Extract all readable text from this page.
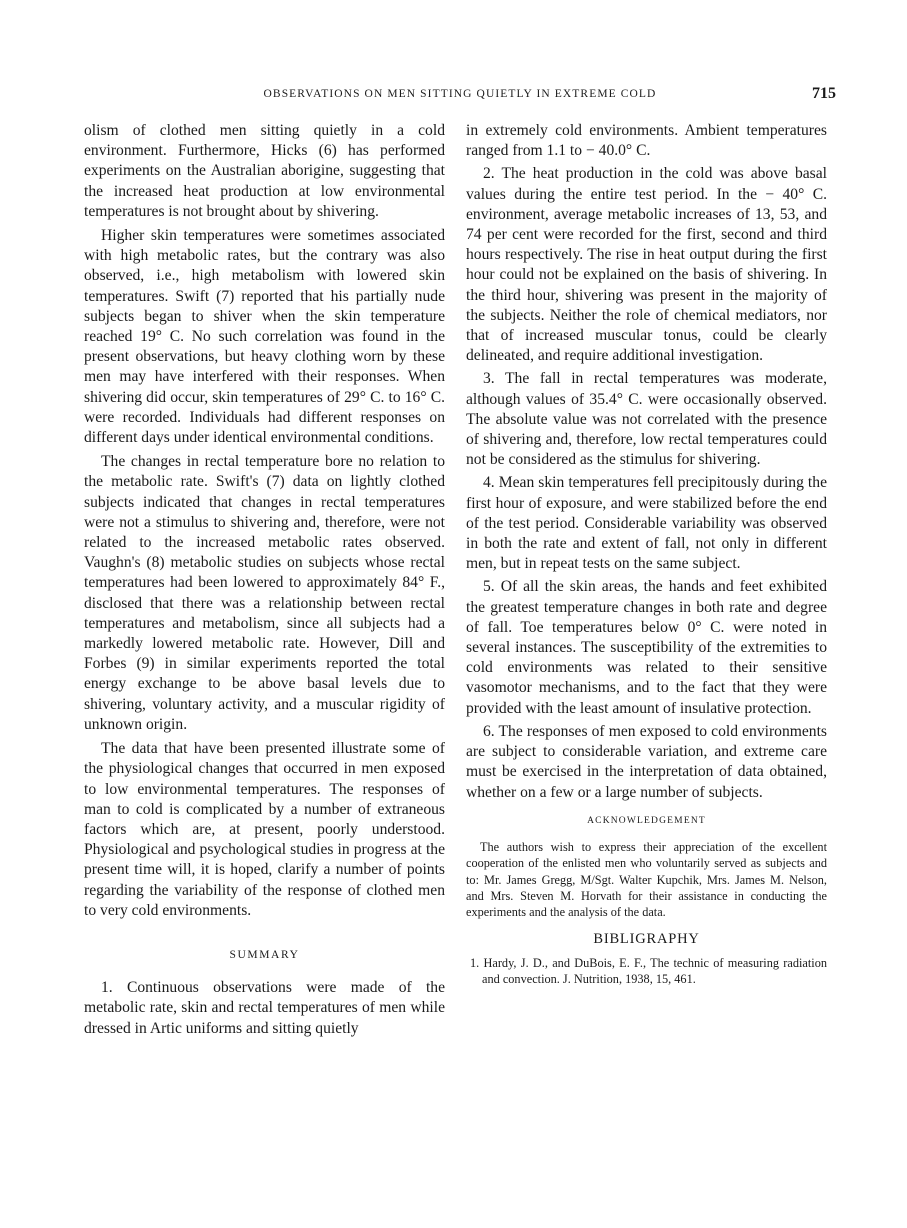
OBSERVATIONS ON MEN SITTING QUIETLY IN EXTREME COLD	715

olism of clothed men sitting quietly in a cold environment. Furthermore, Hicks (6) has performed experiments on the Australian aborigine, suggesting that the increased heat production at low environmental temperatures is not brought about by shivering.

Higher skin temperatures were sometimes associated with high metabolic rates, but the contrary was also observed, i.e., high metabolism with lowered skin temperatures. Swift (7) reported that his partially nude subjects began to shiver when the skin temperature reached 19° C. No such correlation was found in the present observations, but heavy clothing worn by these men may have interfered with their responses. When shivering did occur, skin temperatures of 29° C. to 16° C. were recorded. Individuals had different responses on different days under identical environmental conditions.

The changes in rectal temperature bore no relation to the metabolic rate. Swift's (7) data on lightly clothed subjects indicated that changes in rectal temperatures were not a stimulus to shivering and, therefore, were not related to the increased metabolic rates observed. Vaughn's (8) metabolic studies on subjects whose rectal temperatures had been lowered to approximately 84° F., disclosed that there was a relationship between rectal temperatures and metabolism, since all subjects had a markedly lowered metabolic rate. However, Dill and Forbes (9) in similar experiments reported the total energy exchange to be above basal levels due to shivering, voluntary activity, and a muscular rigidity of unknown origin.

The data that have been presented illustrate some of the physiological changes that occurred in men exposed to low environmental temperatures. The responses of man to cold is complicated by a number of extraneous factors which are, at present, poorly understood. Physiological and psychological studies in progress at the present time will, it is hoped, clarify a number of points regarding the variability of the response of clothed men to very cold environments.

SUMMARY

1. Continuous observations were made of the metabolic rate, skin and rectal temperatures of men while dressed in Artic uniforms and sitting quietly

in extremely cold environments. Ambient temperatures ranged from 1.1 to − 40.0° C.

2. The heat production in the cold was above basal values during the entire test period. In the − 40° C. environment, average metabolic increases of 13, 53, and 74 per cent were recorded for the first, second and third hours respectively. The rise in heat output during the first hour could not be explained on the basis of shivering. In the third hour, shivering was present in the majority of the subjects. Neither the role of chemical mediators, nor that of increased muscular tonus, could be clearly delineated, and require additional investigation.

3. The fall in rectal temperatures was moderate, although values of 35.4° C. were occasionally observed. The absolute value was not correlated with the presence of shivering and, therefore, low rectal temperatures could not be considered as the stimulus for shivering.

4. Mean skin temperatures fell precipitously during the first hour of exposure, and were stabilized before the end of the test period. Considerable variability was observed in both the rate and extent of fall, not only in different men, but in repeat tests on the same subject.

5. Of all the skin areas, the hands and feet exhibited the greatest temperature changes in both rate and degree of fall. Toe temperatures below 0° C. were noted in several instances. The susceptibility of the extremities to cold environments was related to their sensitive vasomotor mechanisms, and to the fact that they were provided with the least amount of insulative protection.

6. The responses of men exposed to cold environments are subject to considerable variation, and extreme care must be exercised in the interpretation of data obtained, whether on a few or a large number of subjects.

ACKNOWLEDGEMENT
The authors wish to express their appreciation of the excellent cooperation of the enlisted men who voluntarily served as subjects and to: Mr. James Gregg, M/Sgt. Walter Kupchik, Mrs. James M. Nelson, and Mrs. Steven M. Horvath for their assistance in conducting the experiments and the analysis of the data.
BIBLIGRAPHY
1. Hardy, J. D., and DuBois, E. F., The technic of measuring radiation and convection. J. Nutrition, 1938, 15, 461.
